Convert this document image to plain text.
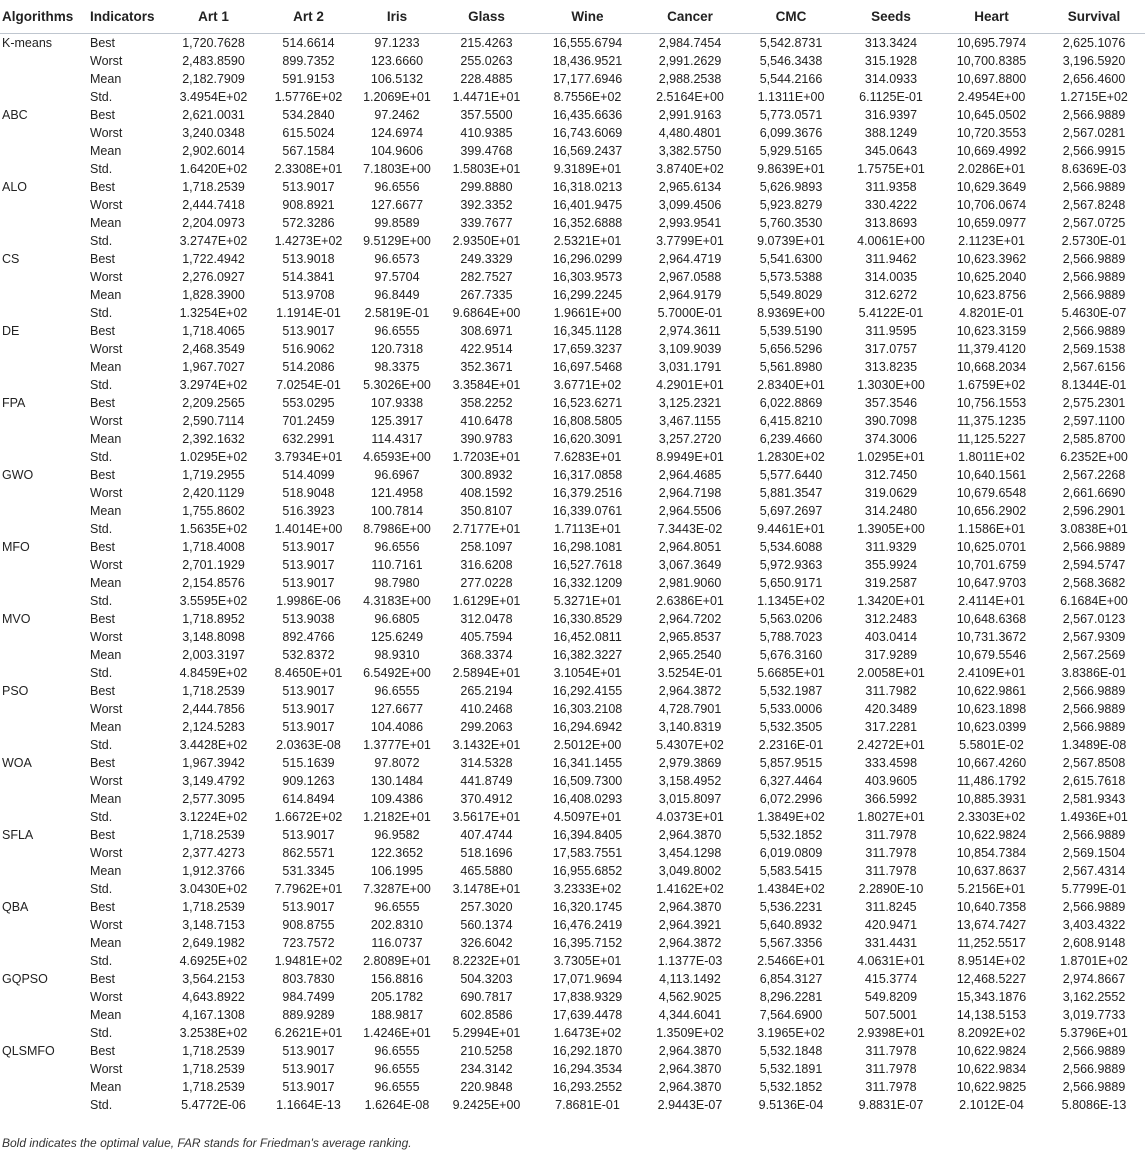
Algorithms	Indicators	Art 1	Art 2	Iris	Glass	Wine	Cancer	CMC	Seeds	Heart	Survival
K-means	Best	1,720.7628	514.6614	97.1233	215.4263	16,555.6794	2,984.7454	5,542.8731	313.3424	10,695.7974	2,625.1076
	Worst	2,483.8590	899.7352	123.6660	255.0263	18,436.9521	2,991.2629	5,546.3438	315.1928	10,700.8385	3,196.5920
	Mean	2,182.7909	591.9153	106.5132	228.4885	17,177.6946	2,988.2538	5,544.2166	314.0933	10,697.8800	2,656.4600
	Std.	3.4954E+02	1.5776E+02	1.2069E+01	1.4471E+01	8.7556E+02	2.5164E+00	1.1311E+00	6.1125E-01	2.4954E+00	1.2715E+02
ABC	Best	2,621.0031	534.2840	97.2462	357.5500	16,435.6636	2,991.9163	5,773.0571	316.9397	10,645.0502	2,566.9889
	Worst	3,240.0348	615.5024	124.6974	410.9385	16,743.6069	4,480.4801	6,099.3676	388.1249	10,720.3553	2,567.0281
	Mean	2,902.6014	567.1584	104.9606	399.4768	16,569.2437	3,382.5750	5,929.5165	345.0643	10,669.4992	2,566.9915
	Std.	1.6420E+02	2.3308E+01	7.1803E+00	1.5803E+01	9.3189E+01	3.8740E+02	9.8639E+01	1.7575E+01	2.0286E+01	8.6369E-03
ALO	Best	1,718.2539	513.9017	96.6556	299.8880	16,318.0213	2,965.6134	5,626.9893	311.9358	10,629.3649	2,566.9889
	Worst	2,444.7418	908.8921	127.6677	392.3352	16,401.9475	3,099.4506	5,923.8279	330.4222	10,706.0674	2,567.8248
	Mean	2,204.0973	572.3286	99.8589	339.7677	16,352.6888	2,993.9541	5,760.3530	313.8693	10,659.0977	2,567.0725
	Std.	3.2747E+02	1.4273E+02	9.5129E+00	2.9350E+01	2.5321E+01	3.7799E+01	9.0739E+01	4.0061E+00	2.1123E+01	2.5730E-01
CS	Best	1,722.4942	513.9018	96.6573	249.3329	16,296.0299	2,964.4719	5,541.6300	311.9462	10,623.3962	2,566.9889
	Worst	2,276.0927	514.3841	97.5704	282.7527	16,303.9573	2,967.0588	5,573.5388	314.0035	10,625.2040	2,566.9889
	Mean	1,828.3900	513.9708	96.8449	267.7335	16,299.2245	2,964.9179	5,549.8029	312.6272	10,623.8756	2,566.9889
	Std.	1.3254E+02	1.1914E-01	2.5819E-01	9.6864E+00	1.9661E+00	5.7000E-01	8.9369E+00	5.4122E-01	4.8201E-01	5.4630E-07
DE	Best	1,718.4065	513.9017	96.6555	308.6971	16,345.1128	2,974.3611	5,539.5190	311.9595	10,623.3159	2,566.9889
	Worst	2,468.3549	516.9062	120.7318	422.9514	17,659.3237	3,109.9039	5,656.5296	317.0757	11,379.4120	2,569.1538
	Mean	1,967.7027	514.2086	98.3375	352.3671	16,697.5468	3,031.1791	5,561.8980	313.8235	10,668.2034	2,567.6156
	Std.	3.2974E+02	7.0254E-01	5.3026E+00	3.3584E+01	3.6771E+02	4.2901E+01	2.8340E+01	1.3030E+00	1.6759E+02	8.1344E-01
FPA	Best	2,209.2565	553.0295	107.9338	358.2252	16,523.6271	3,125.2321	6,022.8869	357.3546	10,756.1553	2,575.2301
	Worst	2,590.7114	701.2459	125.3917	410.6478	16,808.5805	3,467.1155	6,415.8210	390.7098	11,375.1235	2,597.1100
	Mean	2,392.1632	632.2991	114.4317	390.9783	16,620.3091	3,257.2720	6,239.4660	374.3006	11,125.5227	2,585.8700
	Std.	1.0295E+02	3.7934E+01	4.6593E+00	1.7203E+01	7.6283E+01	8.9949E+01	1.2830E+02	1.0295E+01	1.8011E+02	6.2352E+00
GWO	Best	1,719.2955	514.4099	96.6967	300.8932	16,317.0858	2,964.4685	5,577.6440	312.7450	10,640.1561	2,567.2268
	Worst	2,420.1129	518.9048	121.4958	408.1592	16,379.2516	2,964.7198	5,881.3547	319.0629	10,679.6548	2,661.6690
	Mean	1,755.8602	516.3923	100.7814	350.8107	16,339.0761	2,964.5506	5,697.2697	314.2480	10,656.2902	2,596.2901
	Std.	1.5635E+02	1.4014E+00	8.7986E+00	2.7177E+01	1.7113E+01	7.3443E-02	9.4461E+01	1.3905E+00	1.1586E+01	3.0838E+01
MFO	Best	1,718.4008	513.9017	96.6556	258.1097	16,298.1081	2,964.8051	5,534.6088	311.9329	10,625.0701	2,566.9889
	Worst	2,701.1929	513.9017	110.7161	316.6208	16,527.7618	3,067.3649	5,972.9363	355.9924	10,701.6759	2,594.5747
	Mean	2,154.8576	513.9017	98.7980	277.0228	16,332.1209	2,981.9060	5,650.9171	319.2587	10,647.9703	2,568.3682
	Std.	3.5595E+02	1.9986E-06	4.3183E+00	1.6129E+01	5.3271E+01	2.6386E+01	1.1345E+02	1.3420E+01	2.4114E+01	6.1684E+00
MVO	Best	1,718.8952	513.9038	96.6805	312.0478	16,330.8529	2,964.7202	5,563.0206	312.2483	10,648.6368	2,567.0123
	Worst	3,148.8098	892.4766	125.6249	405.7594	16,452.0811	2,965.8537	5,788.7023	403.0414	10,731.3672	2,567.9309
	Mean	2,003.3197	532.8372	98.9310	368.3374	16,382.3227	2,965.2540	5,676.3160	317.9289	10,679.5546	2,567.2569
	Std.	4.8459E+02	8.4650E+01	6.5492E+00	2.5894E+01	3.1054E+01	3.5254E-01	5.6685E+01	2.0058E+01	2.4109E+01	3.8386E-01
PSO	Best	1,718.2539	513.9017	96.6555	265.2194	16,292.4155	2,964.3872	5,532.1987	311.7982	10,622.9861	2,566.9889
	Worst	2,444.7856	513.9017	127.6677	410.2468	16,303.2108	4,728.7901	5,533.0006	420.3489	10,623.1898	2,566.9889
	Mean	2,124.5283	513.9017	104.4086	299.2063	16,294.6942	3,140.8319	5,532.3505	317.2281	10,623.0399	2,566.9889
	Std.	3.4428E+02	2.0363E-08	1.3777E+01	3.1432E+01	2.5012E+00	5.4307E+02	2.2316E-01	2.4272E+01	5.5801E-02	1.3489E-08
WOA	Best	1,967.3942	515.1639	97.8072	314.5328	16,341.1455	2,979.3869	5,857.9515	333.4598	10,667.4260	2,567.8508
	Worst	3,149.4792	909.1263	130.1484	441.8749	16,509.7300	3,158.4952	6,327.4464	403.9605	11,486.1792	2,615.7618
	Mean	2,577.3095	614.8494	109.4386	370.4912	16,408.0293	3,015.8097	6,072.2996	366.5992	10,885.3931	2,581.9343
	Std.	3.1224E+02	1.6672E+02	1.2182E+01	3.5617E+01	4.5097E+01	4.0373E+01	1.3849E+02	1.8027E+01	2.3303E+02	1.4936E+01
SFLA	Best	1,718.2539	513.9017	96.9582	407.4744	16,394.8405	2,964.3870	5,532.1852	311.7978	10,622.9824	2,566.9889
	Worst	2,377.4273	862.5571	122.3652	518.1696	17,583.7551	3,454.1298	6,019.0809	311.7978	10,854.7384	2,569.1504
	Mean	1,912.3766	531.3345	106.1995	465.5880	16,955.6852	3,049.8002	5,583.5415	311.7978	10,637.8637	2,567.4314
	Std.	3.0430E+02	7.7962E+01	7.3287E+00	3.1478E+01	3.2333E+02	1.4162E+02	1.4384E+02	2.2890E-10	5.2156E+01	5.7799E-01
QBA	Best	1,718.2539	513.9017	96.6555	257.3020	16,320.1745	2,964.3870	5,536.2231	311.8245	10,640.7358	2,566.9889
	Worst	3,148.7153	908.8755	202.8310	560.1374	16,476.2419	2,964.3921	5,640.8932	420.9471	13,674.7427	3,403.4322
	Mean	2,649.1982	723.7572	116.0737	326.6042	16,395.7152	2,964.3872	5,567.3356	331.4431	11,252.5517	2,608.9148
	Std.	4.6925E+02	1.9481E+02	2.8089E+01	8.2232E+01	3.7305E+01	1.1377E-03	2.5466E+01	4.0631E+01	8.9514E+02	1.8701E+02
GQPSO	Best	3,564.2153	803.7830	156.8816	504.3203	17,071.9694	4,113.1492	6,854.3127	415.3774	12,468.5227	2,974.8667
	Worst	4,643.8922	984.7499	205.1782	690.7817	17,838.9329	4,562.9025	8,296.2281	549.8209	15,343.1876	3,162.2552
	Mean	4,167.1308	889.9289	188.9817	602.8586	17,639.4478	4,344.6041	7,564.6900	507.5001	14,138.5153	3,019.7733
	Std.	3.2538E+02	6.2621E+01	1.4246E+01	5.2994E+01	1.6473E+02	1.3509E+02	3.1965E+02	2.9398E+01	8.2092E+02	5.3796E+01
QLSMFO	Best	1,718.2539	513.9017	96.6555	210.5258	16,292.1870	2,964.3870	5,532.1848	311.7978	10,622.9824	2,566.9889
	Worst	1,718.2539	513.9017	96.6555	234.3142	16,294.3534	2,964.3870	5,532.1891	311.7978	10,622.9834	2,566.9889
	Mean	1,718.2539	513.9017	96.6555	220.9848	16,293.2552	2,964.3870	5,532.1852	311.7978	10,622.9825	2,566.9889
	Std.	5.4772E-06	1.1664E-13	1.6264E-08	9.2425E+00	7.8681E-01	2.9443E-07	9.5136E-04	9.8831E-07	2.1012E-04	5.8086E-13
Bold indicates the optimal value, FAR stands for Friedman's average ranking.
